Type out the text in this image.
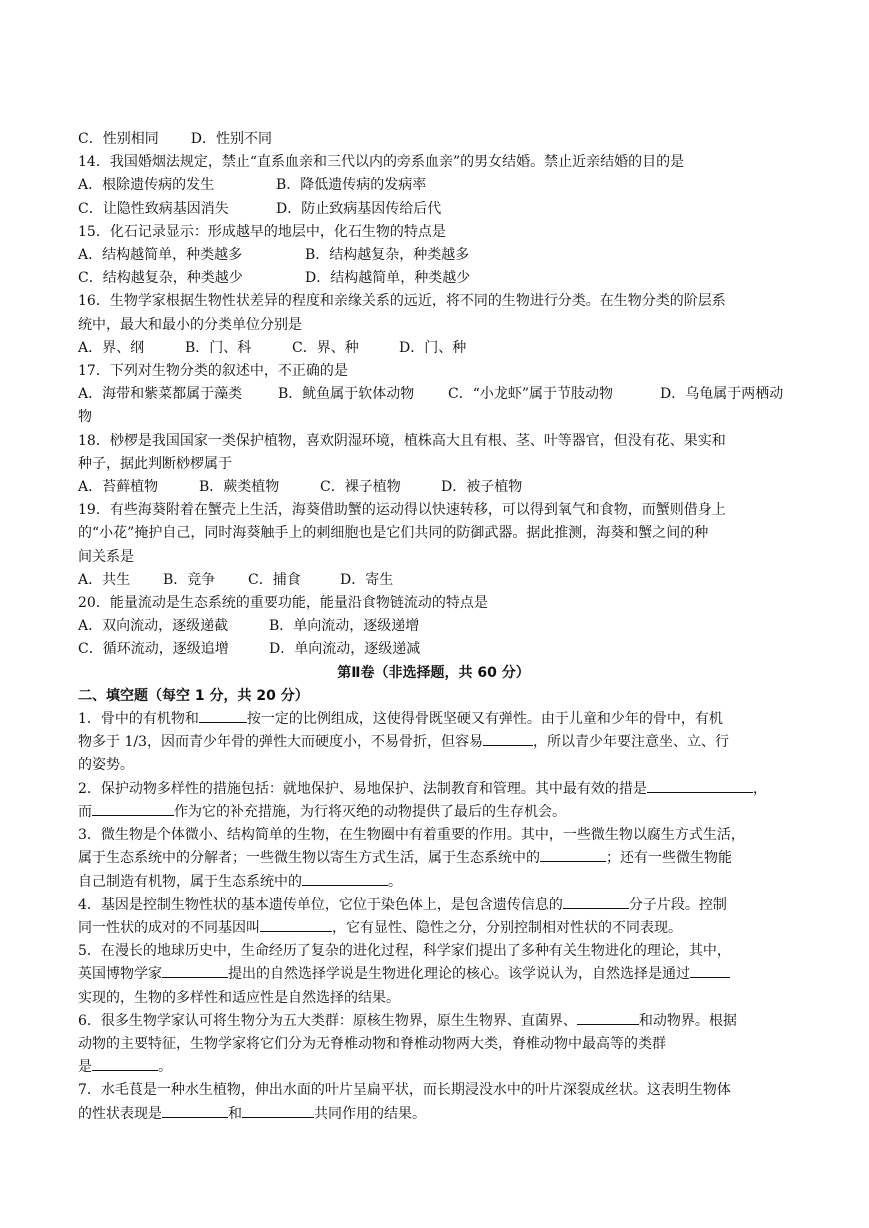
C．性别相同 D．性别不同
14．我国婚烟法规定，禁止“直系血亲和三代以内的旁系血亲”的男女结婚。禁止近亲结婚的目的是
A．根除遗传病的发生	B．降低遗传病的发病率
C．让隐性致病基因消失	D．防止致病基因传给后代
15．化石记录显示：形成越早的地层中，化石生物的特点是
A．结构越简单，种类越多	B．结构越复杂，种类越多
C．结构越复杂，种类越少	D．结构越简单，种类越少
16．生物学家根据生物性状差异的程度和亲缘关系的远近，将不同的生物进行分类。在生物分类的阶层系
统中，最大和最小的分类单位分别是
A．界、纲	B．门、科	C．界、种	D．门、种
17．下列对生物分类的叙述中，不正确的是
A．海带和紫菜都属于藻类	B．鱿鱼属于软体动物 C．“小龙虾”属于节肢动物	D．乌龟属于两栖动
物
18．桫椤是我国国家一类保护植物，喜欢阴湿环境，植株高大且有根、茎、叶等器官，但没有花、果实和
种子，据此判断桫椤属于
A．苔藓植物	B．蕨类植物	C．裸子植物	D．被子植物
19．有些海葵附着在蟹壳上生活，海葵借助蟹的运动得以快速转移，可以得到氧气和食物，而蟹则借身上
的“小花”掩护自己，同时海葵触手上的刺细胞也是它们共同的防御武器。据此推测，海葵和蟹之间的种
间关系是
A．共生 B．竞争 C．捕食	D．寄生
20．能量流动是生态系统的重要功能，能量沿食物链流动的特点是
A．双向流动，逐级递截	B．单向流动，逐级递增
C．循环流动，逐级追增	D．单向流动，逐级递减
第Ⅱ卷（非选择题，共 60 分）
二、填空题（每空 1 分，共 20 分）
1．骨中的有机物和	按一定的比例组成，这使得骨既坚硬又有弹性。由于儿童和少年的骨中，有机
物多于 1/3，因而青少年骨的弹性大而硬度小，不易骨折，但容易	，所以青少年要注意坐、立、行
的姿势。
2．保护动物多样性的措施包括：就地保护、易地保护、法制教育和管理。其中最有效的措是	，
而	作为它的补充措施，为行将灭绝的动物提供了最后的生存机会。
3．微生物是个体微小、结构简单的生物，在生物圈中有着重要的作用。其中，一些微生物以腐生方式生活，
属于生态系统中的分解者；一些微生物以寄生方式生活，属于生态系统中的	；还有一些微生物能
自己制造有机物，属于生态系统中的	。
4．基因是控制生物性状的基本遗传单位，它位于染色体上，是包含遗传信息的	分子片段。控制
同一性状的成对的不同基因叫	，它有显性、隐性之分，分别控制相对性状的不同表现。
5．在漫长的地球历史中，生命经历了复杂的进化过程，科学家们提出了多种有关生物进化的理论，其中，
英国博物学家	提出的自然选择学说是生物进化理论的核心。该学说认为，自然选择是通过
实现的，生物的多样性和适应性是自然选择的结果。
6．很多生物学家认可将生物分为五大类群：原核生物界，原生生物界、直菌界、	和动物界。根据
动物的主要特征，生物学家将它们分为无脊椎动物和脊椎动物两大类，脊椎动物中最高等的类群
是	。
7．水毛茛是一种水生植物，伸出水面的叶片呈扁平状，而长期浸没水中的叶片深裂成丝状。这表明生物体
的性状表现是	和	共同作用的结果。
